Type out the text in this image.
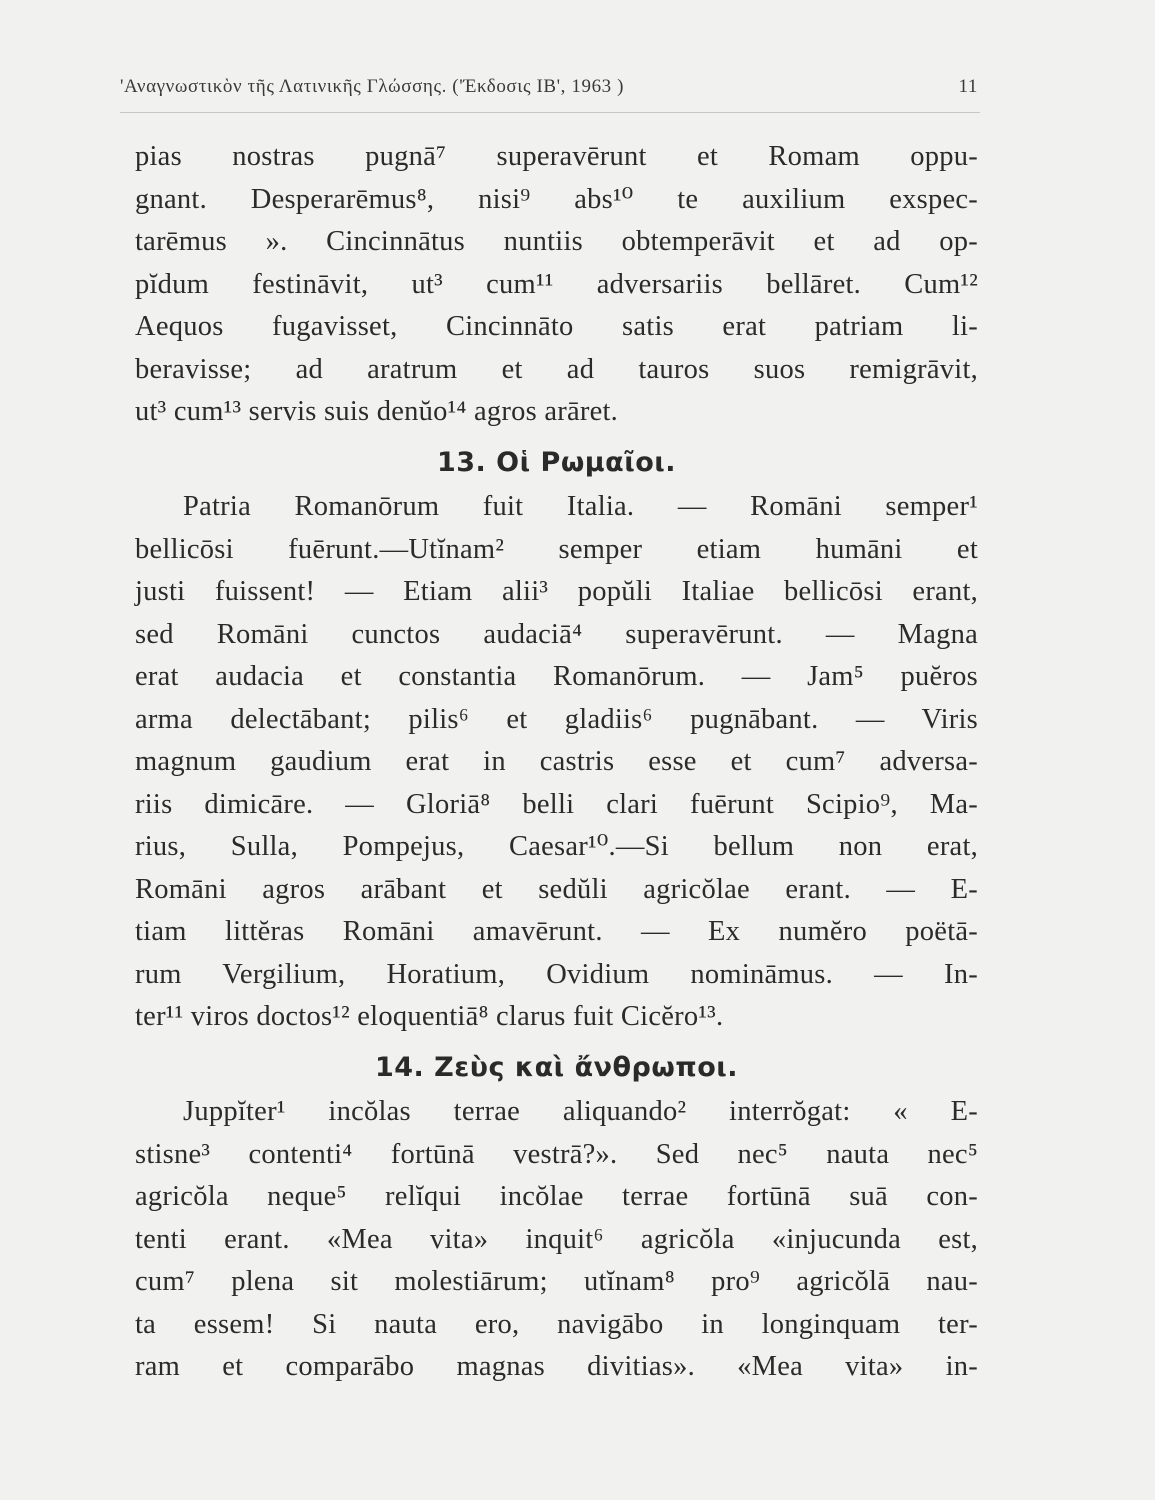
'Αναγνωστικὸν τῆς Λατινικῆς Γλώσσης. ('Έκδοσις ΙΒ', 1963 )	11
pias nostras pugnā⁷ superavērunt et Romam oppu-
gnant. Desperarēmus⁸, nisi⁹ abs¹⁰ te auxilium exspec-
tarēmus ». Cincinnātus nuntiis obtemperāvit et ad op-
pĭdum festināvit, ut³ cum¹¹ adversariis bellāret. Cum¹²
Aequos fugavisset, Cincinnāto satis erat patriam li-
beravisse; ad aratrum et ad tauros suos remigrāvit,
ut³ cum¹³ servis suis denŭo¹⁴ agros arāret.
13. Οἱ Ρωμαῖοι.
Patria Romanōrum fuit Italia. — Romāni semper¹
bellicōsi fuērunt.—Utĭnam² semper etiam humāni et
justi fuissent! — Etiam alii³ popŭli Italiae bellicōsi erant,
sed Romāni cunctos audaciā⁴ superavērunt. — Magna
erat audacia et constantia Romanōrum. — Jam⁵ puĕros
arma delectābant; pilis⁶ et gladiis⁶ pugnābant. — Viris
magnum gaudium erat in castris esse et cum⁷ adversa-
riis dimicāre. — Gloriā⁸ belli clari fuērunt Scipio⁹, Ma-
rius, Sulla, Pompejus, Caesar¹⁰.—Si bellum non erat,
Romāni agros arābant et sedŭli agricŏlae erant. — E-
tiam littĕras Romāni amavērunt. — Ex numĕro poëtā-
rum Vergilium, Horatium, Ovidium nomināmus. — In-
ter¹¹ viros doctos¹² eloquentiā⁸ clarus fuit Cicĕro¹³.
14. Ζεὺς καὶ ἄνθρωποι.
Juppĭter¹ incŏlas terrae aliquando² interrŏgat: « E-
stisne³ contenti⁴ fortūnā vestrā?». Sed nec⁵ nauta nec⁵
agricŏla neque⁵ relĭqui incŏlae terrae fortūnā suā con-
tenti erant. «Mea vita» inquit⁶ agricŏla «injucunda est,
cum⁷ plena sit molestiārum; utĭnam⁸ pro⁹ agricŏlā nau-
ta essem! Si nauta ero, navigābo in longinquam ter-
ram et comparābo magnas divitias». «Mea vita» in-
